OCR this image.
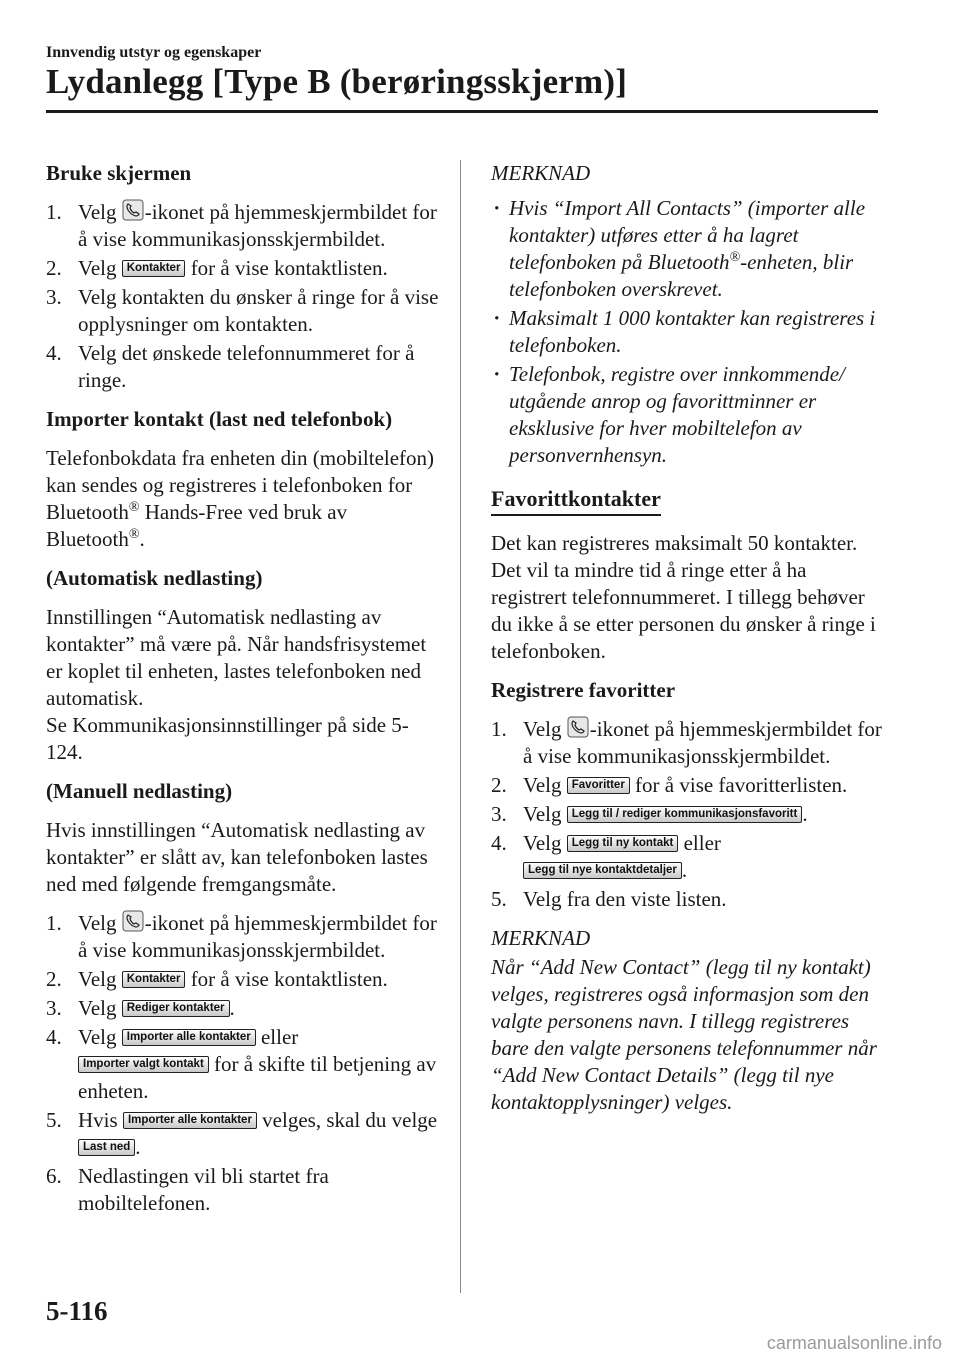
Innvendig utstyr og egenskaper
Lydanlegg [Type B (berøringsskjerm)]
Bruke skjermen
1. Velg -ikonet på hjemmeskjermbildet for å vise kommunikasjonsskjermbildet.
2. Velg Kontakter for å vise kontaktlisten.
3. Velg kontakten du ønsker å ringe for å vise opplysninger om kontakten.
4. Velg det ønskede telefonnummeret for å ringe.
Importer kontakt (last ned telefonbok)

Telefonbokdata fra enheten din (mobiltelefon) kan sendes og registreres i telefonboken for Bluetooth® Hands-Free ved bruk av Bluetooth®.

(Automatisk nedlasting)

Innstillingen “Automatisk nedlasting av kontakter” må være på. Når handsfrisystemet er koplet til enheten, lastes telefonboken ned automatisk.

Se Kommunikasjonsinnstillinger på side 5-124.

(Manuell nedlasting)

Hvis innstillingen “Automatisk nedlasting av kontakter” er slått av, kan telefonboken lastes ned med følgende fremgangsmåte.

1. Velg -ikonet på hjemmeskjermbildet for å vise kommunikasjonsskjermbildet.
2. Velg Kontakter for å vise kontaktlisten.
3. Velg Rediger kontakter .
4. Velg Importer alle kontakter eller
Importer valgt kontakt for å skifte til betjening av enheten.
5. Hvis Importer alle kontakter velges, skal du velge Last ned .
6. Nedlastingen vil bli startet fra mobiltelefonen.
MERKNAD
· Hvis “Import All Contacts” (importer alle kontakter) utføres etter å ha lagret telefonboken på Bluetooth®-enheten, blir telefonboken overskrevet.
· Maksimalt 1 000 kontakter kan registreres i telefonboken.
· Telefonbok, registre over innkommende/ utgående anrop og favorittminner er eksklusive for hver mobiltelefon av personvernhensyn.
Favorittkontakter

Det kan registreres maksimalt 50 kontakter. Det vil ta mindre tid å ringe etter å ha registrert telefonnummeret. I tillegg behøver du ikke å se etter personen du ønsker å ringe i telefonboken.

Registrere favoritter
1. Velg -ikonet på hjemmeskjermbildet for å vise kommunikasjonsskjermbildet.
2. Velg Favoritter for å vise favoritterlisten.
3. Velg Legg til / rediger kommunikasjonsfavoritt .
4. Velg Legg til ny kontakt eller
Legg til nye kontaktdetaljer .
5. Velg fra den viste listen.
MERKNAD

Når “Add New Contact” (legg til ny kontakt) velges, registreres også informasjon som den valgte personens navn. I tillegg registreres bare den valgte personens telefonnummer når “Add New Contact Details” (legg til nye kontaktopplysninger) velges.

5-116
carmanualsonline.info
